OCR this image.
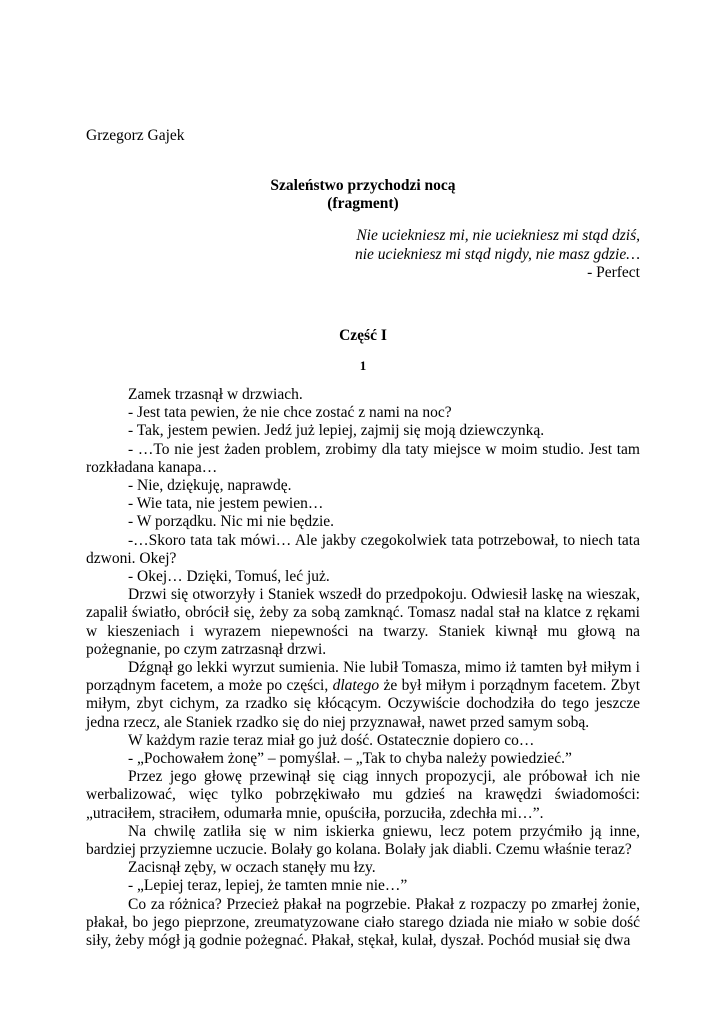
Grzegorz Gajek
Szaleństwo przychodzi nocą
(fragment)
Nie uciekniesz mi, nie uciekniesz mi stąd dziś,
nie uciekniesz mi stąd nigdy, nie masz gdzie…
- Perfect
Część I
1

Zamek trzasnął w drzwiach.

- Jest tata pewien, że nie chce zostać z nami na noc?

- Tak, jestem pewien. Jedź już lepiej, zajmij się moją dziewczynką.

- …To nie jest żaden problem, zrobimy dla taty miejsce w moim studio. Jest tam rozkładana kanapa…

- Nie, dziękuję, naprawdę.

- Wie tata, nie jestem pewien…

- W porządku. Nic mi nie będzie.

-…Skoro tata tak mówi… Ale jakby czegokolwiek tata potrzebował, to niech tata dzwoni. Okej?

- Okej… Dzięki, Tomuś, leć już.

Drzwi się otworzyły i Staniek wszedł do przedpokoju. Odwiesił laskę na wieszak, zapalił światło, obrócił się, żeby za sobą zamknąć. Tomasz nadal stał na klatce z rękami w kieszeniach i wyrazem niepewności na twarzy. Staniek kiwnął mu głową na pożegnanie, po czym zatrzasnął drzwi.

Dźgnął go lekki wyrzut sumienia. Nie lubił Tomasza, mimo iż tamten był miłym i porządnym facetem, a może po części, dlatego że był miłym i porządnym facetem. Zbyt miłym, zbyt cichym, za rzadko się kłócącym. Oczywiście dochodziła do tego jeszcze jedna rzecz, ale Staniek rzadko się do niej przyznawał, nawet przed samym sobą.

W każdym razie teraz miał go już dość. Ostatecznie dopiero co…

- „Pochowałem żonę” – pomyślał. – „Tak to chyba należy powiedzieć.”

Przez jego głowę przewinął się ciąg innych propozycji, ale próbował ich nie werbalizować, więc tylko pobrzękiwało mu gdzieś na krawędzi świadomości: „utraciłem, straciłem, odumarła mnie, opuściła, porzuciła, zdechła mi…”.

Na chwilę zatliła się w nim iskierka gniewu, lecz potem przyćmiło ją inne, bardziej przyziemne uczucie. Bolały go kolana. Bolały jak diabli. Czemu właśnie teraz?

Zacisnął zęby, w oczach stanęły mu łzy.

- „Lepiej teraz, lepiej, że tamten mnie nie…”

Co za różnica? Przecież płakał na pogrzebie. Płakał z rozpaczy po zmarłej żonie, płakał, bo jego pieprzone, zreumatyzowane ciało starego dziada nie miało w sobie dość siły, żeby mógł ją godnie pożegnać. Płakał, stękał, kulał, dyszał. Pochód musiał się dwa
